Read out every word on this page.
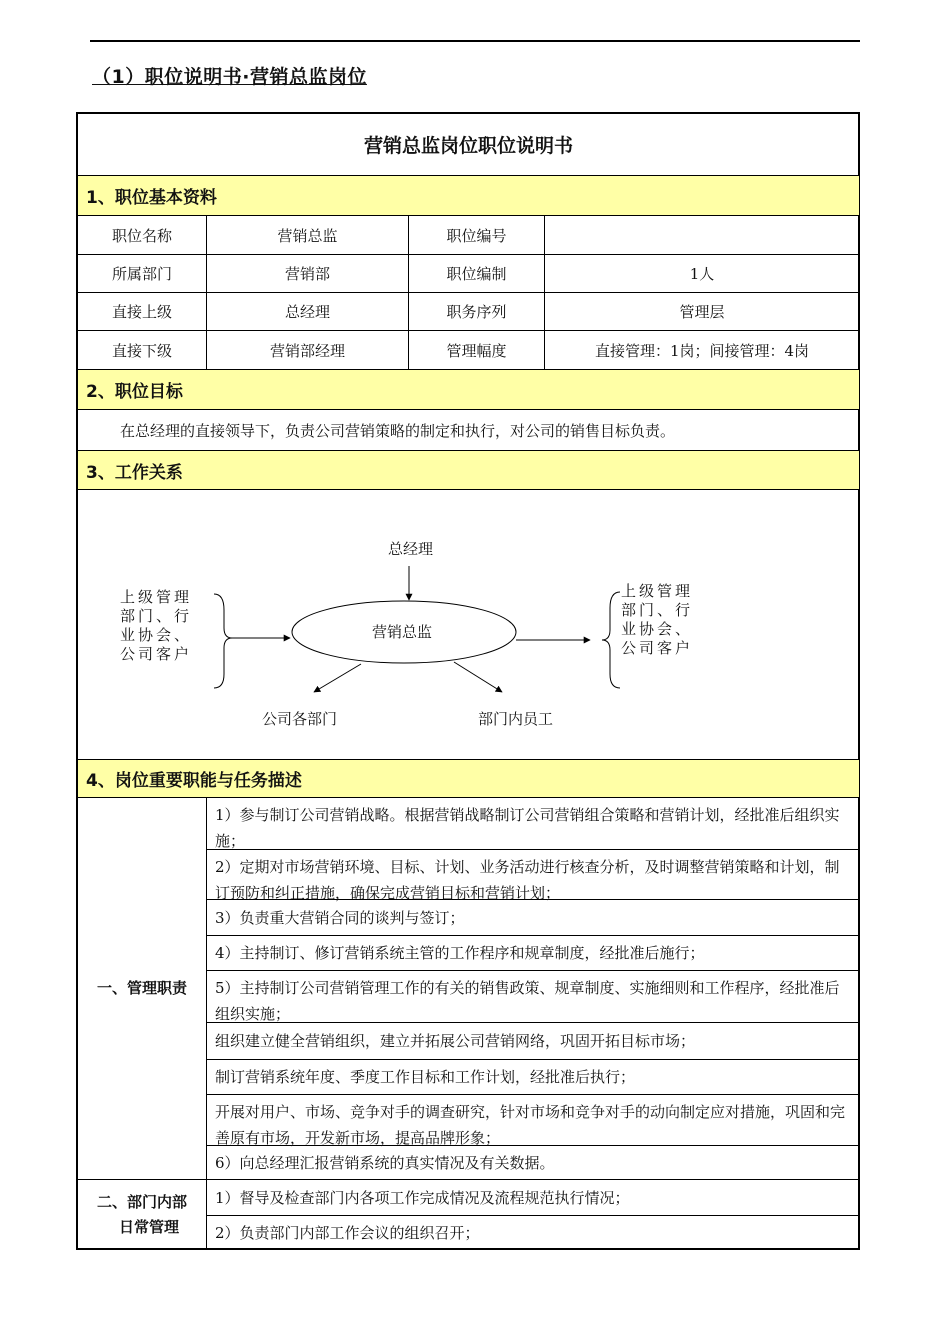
（1）职位说明书·营销总监岗位
营销总监岗位职位说明书
1、职位基本资料
职位名称	营销总监	职位编号
所属部门	营销部	职位编制	1人
直接上级	总经理	职务序列	管理层
直接下级	营销部经理	管理幅度	直接管理：1岗；间接管理：4岗
2、职位目标
在总经理的直接领导下，负责公司营销策略的制定和执行，对公司的销售目标负责。
3、工作关系
总经理
营销总监
上级管理部门、行业协会、公司客户
上级管理部门、行业协会、公司客户
公司各部门	部门内员工
4、岗位重要职能与任务描述
一、管理职责
1）参与制订公司营销战略。根据营销战略制订公司营销组合策略和营销计划，经批准后组织实施；
2）定期对市场营销环境、目标、计划、业务活动进行核查分析，及时调整营销策略和计划，制订预防和纠正措施，确保完成营销目标和营销计划；
3）负责重大营销合同的谈判与签订；
4）主持制订、修订营销系统主管的工作程序和规章制度，经批准后施行；
5）主持制订公司营销管理工作的有关的销售政策、规章制度、实施细则和工作程序，经批准后组织实施；
组织建立健全营销组织，建立并拓展公司营销网络，巩固开拓目标市场；
制订营销系统年度、季度工作目标和工作计划，经批准后执行；
开展对用户、市场、竞争对手的调查研究，针对市场和竞争对手的动向制定应对措施，巩固和完善原有市场，开发新市场，提高品牌形象；
6）向总经理汇报营销系统的真实情况及有关数据。
二、部门内部
日常管理
1）督导及检查部门内各项工作完成情况及流程规范执行情况；
2）负责部门内部工作会议的组织召开；
